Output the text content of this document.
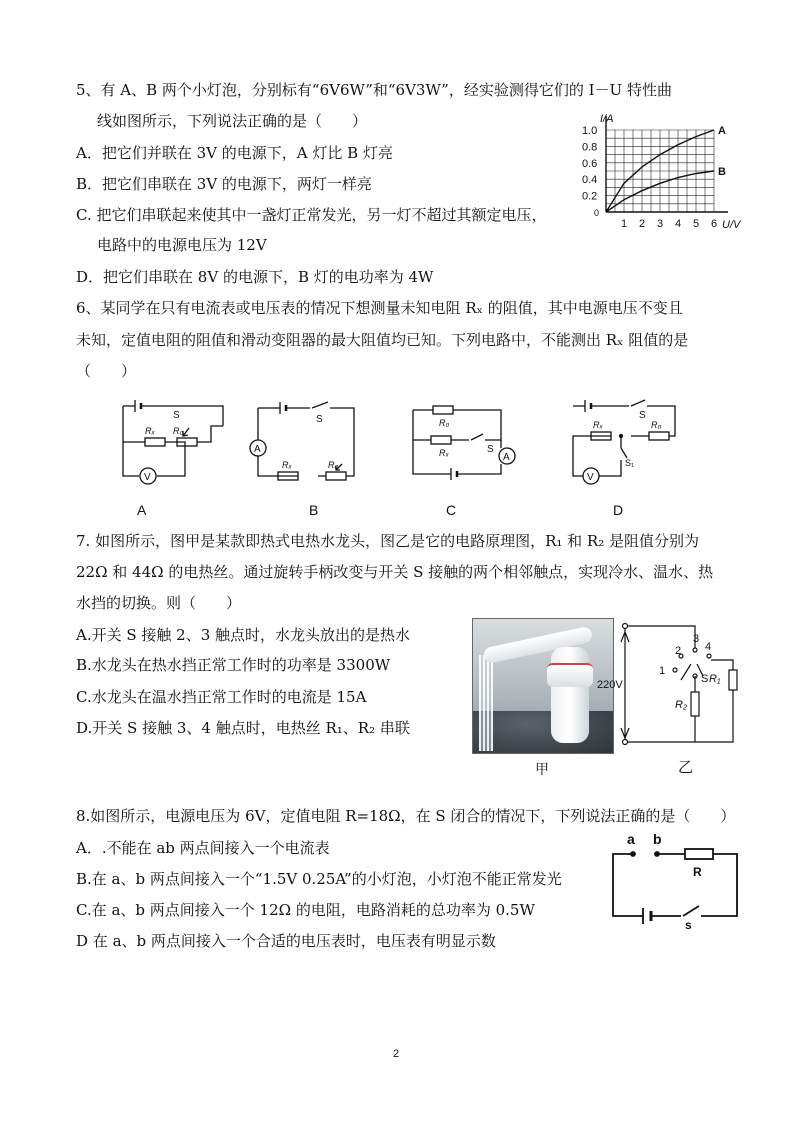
5、有 A、B 两个小灯泡，分别标有“6V6W”和“6V3W”，经实验测得它们的 I－U 特性曲
线如图所示，下列说法正确的是（　　）
A．把它们并联在 3V 的电源下，A 灯比 B 灯亮
B．把它们串联在 3V 的电源下，两灯一样亮
C. 把它们串联起来使其中一盏灯正常发光，另一灯不超过其额定电压，
电路中的电源电压为 12V
D．把它们串联在 8V 的电源下，B 灯的电功率为 4W
I/A
U/V
A
B
0
1 2 3 4 5 6
0.2
0.4
0.6
0.8
1.0
6、某同学在只有电流表或电压表的情况下想测量未知电阻 Rₓ 的阻值，其中电源电压不变且
未知，定值电阻的阻值和滑动变阻器的最大阻值均已知。下列电路中，不能测出 Rₓ 阻值的是
（　　）
S
Rₓ R₀
V
S
Rₓ	R₀
A
R₀
Rₓ	S
A
S
Rₓ	R₀
S₁
V
A	B	C	D
7. 如图所示，图甲是某款即热式电热水龙头，图乙是它的电路原理图，R₁ 和 R₂ 是阻值分别为
22Ω 和 44Ω 的电热丝。通过旋转手柄改变与开关 S 接触的两个相邻触点，实现冷水、温水、热
水挡的切换。则（　　）
A.开关 S 接触 2、3 触点时，水龙头放出的是热水
B.水龙头在热水挡正常工作时的功率是 3300W
C.水龙头在温水挡正常工作时的电流是 15A
D.开关 S 接触 3、4 触点时，电热丝 R₁、R₂ 串联
甲
220V
2
3
4
1
S R₁
R₂
乙
8.如图所示，电源电压为 6V，定值电阻 R=18Ω，在 S 闭合的情况下，下列说法正确的是（　　）
A．.不能在 ab 两点间接入一个电流表
B.在 a、b 两点间接入一个“1.5V 0.25A”的小灯泡，小灯泡不能正常发光
C.在 a、b 两点间接入一个 12Ω 的电阻，电路消耗的总功率为 0.5W
D 在 a、b 两点间接入一个合适的电压表时，电压表有明显示数
a b
R
s
2
